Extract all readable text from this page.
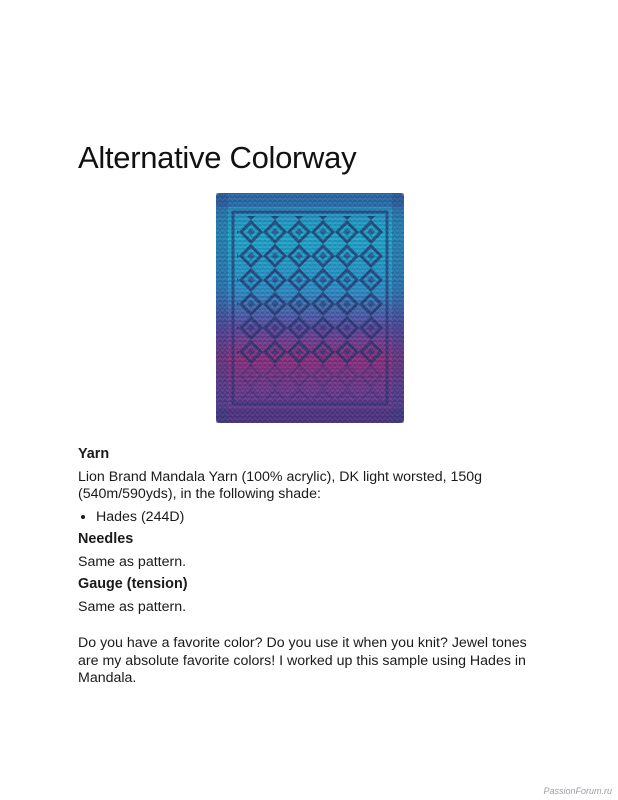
Alternative Colorway
Yarn

Lion Brand Mandala Yarn (100% acrylic), DK light worsted, 150g (540m/590yds), in the following shade:

• Hades (244D)
Needles

Same as pattern.

Gauge (tension)

Same as pattern.

Do you have a favorite color? Do you use it when you knit? Jewel tones are my absolute favorite colors! I worked up this sample using Hades in Mandala.

PassionForum.ru
